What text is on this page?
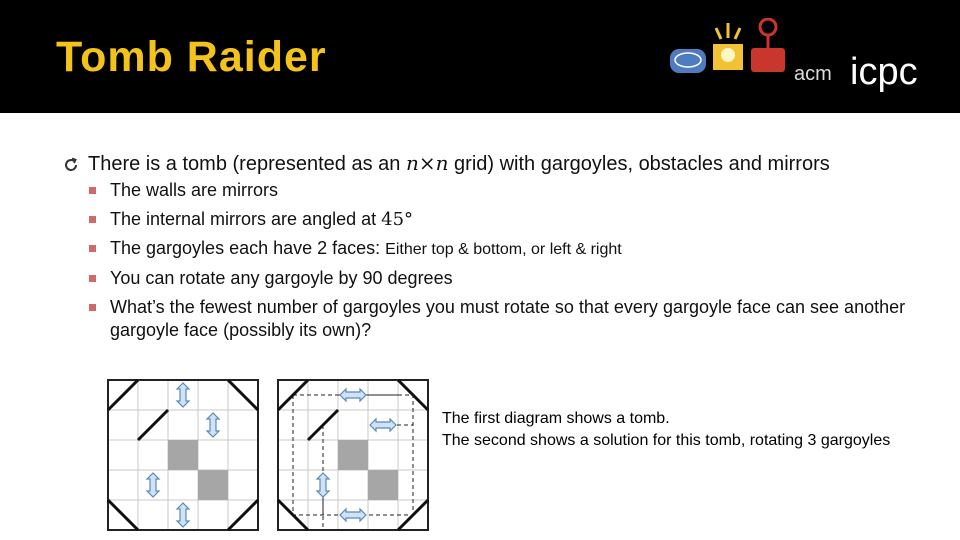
Tomb Raider	acm icpc
There is a tomb (represented as an n×n grid) with gargoyles, obstacles and mirrors
The walls are mirrors
The internal mirrors are angled at 45°
The gargoyles each have 2 faces: Either top & bottom, or left & right
You can rotate any gargoyle by 90 degrees
What’s the fewest number of gargoyles you must rotate so that every gargoyle face can see another gargoyle face (possibly its own)?
The first diagram shows a tomb.
The second shows a solution for this tomb, rotating 3 gargoyles
